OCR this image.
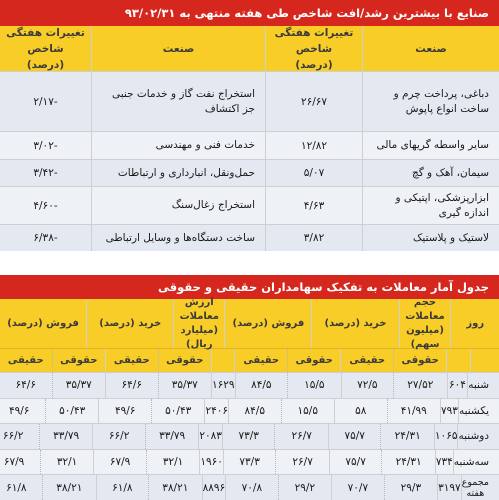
صنایع با بیشترین رشد/افت شاخص طی هفته منتهی به ۹۳/۰۲/۳۱
صنعت
تغییرات هفتگی شاخص
(درصد)
صنعت
تغییرات هفتگی شاخص
(درصد)
دباغی، پرداخت چرم و
ساخت انواع پاپوش
۲۶/۶۷
استخراج نفت گاز و خدمات جنبی
جز اکتشاف
-۲/۱۷
سایر واسطه گریهای مالی
۱۲/۸۲
خدمات فنی و مهندسی
-۳/۰۲
سیمان، آهک و گچ
۵/۰۷
حمل‌ونقل، انبارداری و ارتباطات
-۳/۴۲
ابزارپزشکی، اپتیکی و
اندازه گیری
۴/۶۳
استخراج زغال‌سنگ
-۴/۶۰
لاستیک و پلاستیک
۳/۸۲
ساخت دستگاه‌ها و وسایل ارتباطی
-۶/۳۸
جدول آمار معاملات به تفکیک سهامداران حقیقی و حقوقی
روز
حجم معاملات
(میلیون سهم)
خرید (درصد)
فروش (درصد)
ارزش معاملات
(میلیارد ریال)
خرید (درصد)
فروش (درصد)
حقوقی
حقیقی
حقوقی
حقیقی
حقوقی
حقیقی
حقوقی
حقیقی
شنبه
۶۰۴
۲۷/۵۲
۷۲/۵
۱۵/۵
۸۴/۵
۱۶۲۹
۳۵/۳۷
۶۴/۶
۳۵/۳۷
۶۴/۶
یکشنبه
۷۹۳
۴۱/۹۹
۵۸
۱۵/۵
۸۴/۵
۲۴۰۶
۵۰/۴۳
۴۹/۶
۵۰/۴۳
۴۹/۶
دوشنبه
۱۰۶۵
۲۴/۳۱
۷۵/۷
۲۶/۷
۷۳/۳
۲۰۸۳
۳۳/۷۹
۶۶/۲
۳۳/۷۹
۶۶/۲
سه‌شنبه
۷۳۴
۲۴/۳۱
۷۵/۷
۲۶/۷
۷۳/۳
۱۹۶۰
۳۲/۱
۶۷/۹
۳۲/۱
۶۷/۹
مجموع هفته
۳۱۹۷
۲۹/۳
۷۰/۷
۲۹/۲
۷۰/۸
۸۸۹۶
۳۸/۲۱
۶۱/۸
۳۸/۲۱
۶۱/۸
